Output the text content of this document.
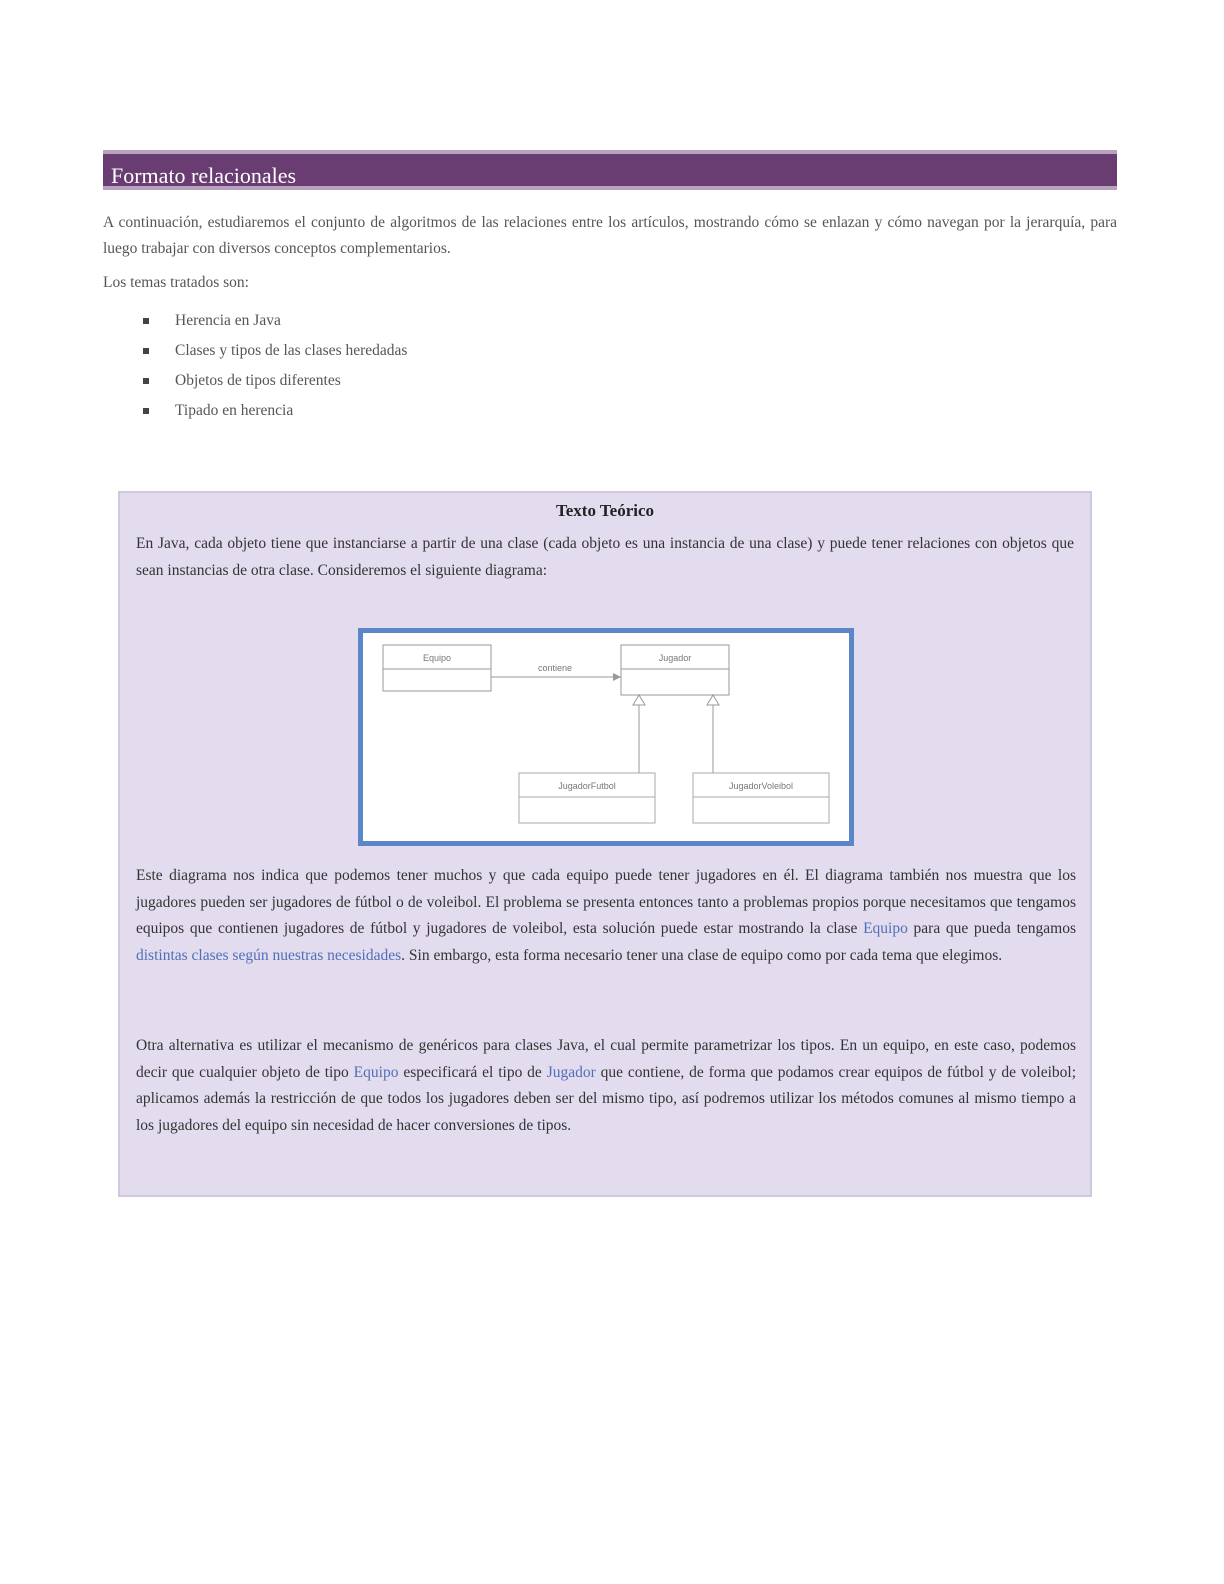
Formato relacionales
A continuación, estudiaremos el conjunto de algoritmos de las relaciones entre los artículos, mostrando cómo se enlazan y cómo navegan por la jerarquía, para luego trabajar con diversos conceptos complementarios.
Los temas tratados son:
Herencia en Java
Clases y tipos de las clases heredadas
Objetos de tipos diferentes
Tipado en herencia
Texto Teórico

En Java, cada objeto tiene que instanciarse a partir de una clase (cada objeto es una instancia de una clase) y puede tener relaciones con objetos que sean instancias de otra clase. Consideremos el siguiente diagrama:

Equipo	Jugador
contiene
JugadorFutbol	JugadorVoleibol

Este diagrama nos indica que podemos tener muchos y que cada equipo puede tener jugadores en él. El diagrama también nos muestra que los jugadores pueden ser jugadores de fútbol o de voleibol. El problema se presenta entonces tanto a problemas propios porque necesitamos que tengamos equipos que contienen jugadores de fútbol y jugadores de voleibol, esta solución puede estar mostrando la clase Equipo para que pueda tengamos distintas clases según nuestras necesidades. Sin embargo, esta forma necesario tener una clase de equipo como por cada tema que elegimos.

Otra alternativa es utilizar el mecanismo de genéricos para clases Java, el cual permite parametrizar los tipos. En un equipo, en este caso, podemos decir que cualquier objeto de tipo Equipo especificará el tipo de Jugador que contiene, de forma que podamos crear equipos de fútbol y de voleibol; aplicamos además la restricción de que todos los jugadores deben ser del mismo tipo, así podremos utilizar los métodos comunes al mismo tiempo a los jugadores del equipo sin necesidad de hacer conversiones de tipos.
